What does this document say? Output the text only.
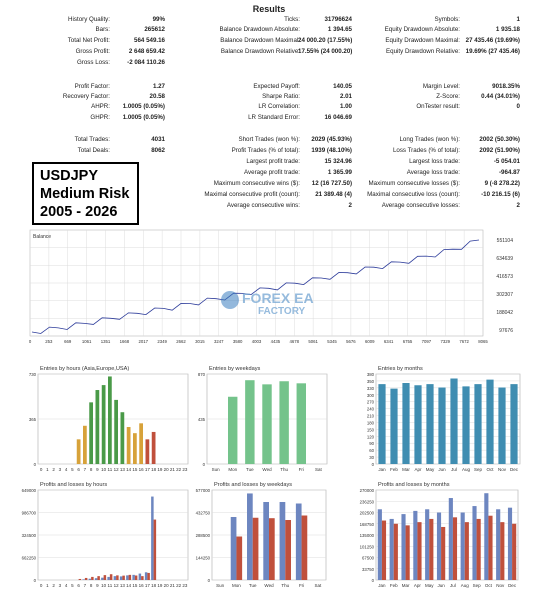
Results
History Quality:	99%
Bars:	265612
Total Net Profit:	564 549.16
Gross Profit:	2 648 659.42
Gross Loss:	-2 084 110.26
Profit Factor:	1.27
Recovery Factor:	20.58
AHPR:	1.0005 (0.05%)
GHPR:	1.0005 (0.05%)
Total Trades:	4031
Total Deals:	8062
Ticks:	31796624
Balance Drawdown Absolute:	1 394.65
Balance Drawdown Maximal:
24 000.20 (17.55%)
Balance Drawdown Relative:
17.55% (24 000.20)
Expected Payoff:	140.05
Sharpe Ratio:	2.01
LR Correlation:	1.00
LR Standard Error:	16 046.69
Short Trades (won %):	2029 (45.93%)
Profit Trades (% of total):	1939 (48.10%)
Largest profit trade:	15 324.96
Average profit trade:	1 365.99
Maximum consecutive wins ($):	12 (16 727.50)
Maximal consecutive profit (count):	21 389.48 (4)
Average consecutive wins:	2
Symbols:	1
Equity Drawdown Absolute:	1 935.18
Equity Drawdown Maximal: 27 435.46 (19.69%)
Equity Drawdown Relative: 19.69% (27 435.46)
Margin Level:	9018.35%
Z-Score:	0.44 (34.01%)
OnTester result:	0
Long Trades (won %):	2002 (50.30%)
Loss Trades (% of total):	2092 (51.90%)
Largest loss trade:	-5 054.01
Average loss trade:	-964.87
Maximum consecutive losses ($):	9 (-8 278.22)
Maximal consecutive loss (count):	-10 216.15 (6)
Average consecutive losses:	2
USDJPY
Medium Risk
2005 - 2026
Balance
551104
634639
416573
302307
188042
97676
0	253	669 1061 1351 1668 2017 2349 2662 3015 3247 3580 4003 4435 4678 5061 5345 5676 6009 6341 6755 7097 7329 7672 8065
FOREX EA
FACTORY
Entries by hours (Asia,Europe,USA)
730
365
0
0 1 2 3 4 5 6 7 8 9 10 11 12 13 14 15 16 17 18 19 20 21 22 23
Entries by weekdays
870
435
0
Sun Mon Tue Wed Thu Fri Sat
Entries by months
380
350
330
300
270
240
210
180
150
120
90
60
30
0
Jan Feb Mar Apr May Jun Jul Aug Sep Oct Nov Dec
Profits and losses by hours
649000
986700
324500
662250
0
0 1 2 3 4 5 6 7 8 9 10 11 12 13 14 15 16 17 18 19 20 21 22 23
Profits and losses by weekdays
577000
432750
288500
144250
0
Sun Mon Tue Wed Thu Fri Sat
Profits and losses by months
270000
236250
202500
168750
135000
101250
67500
33750
0
Jan Feb Mar Apr May Jun Jul Aug Sep Oct Nov Dec
